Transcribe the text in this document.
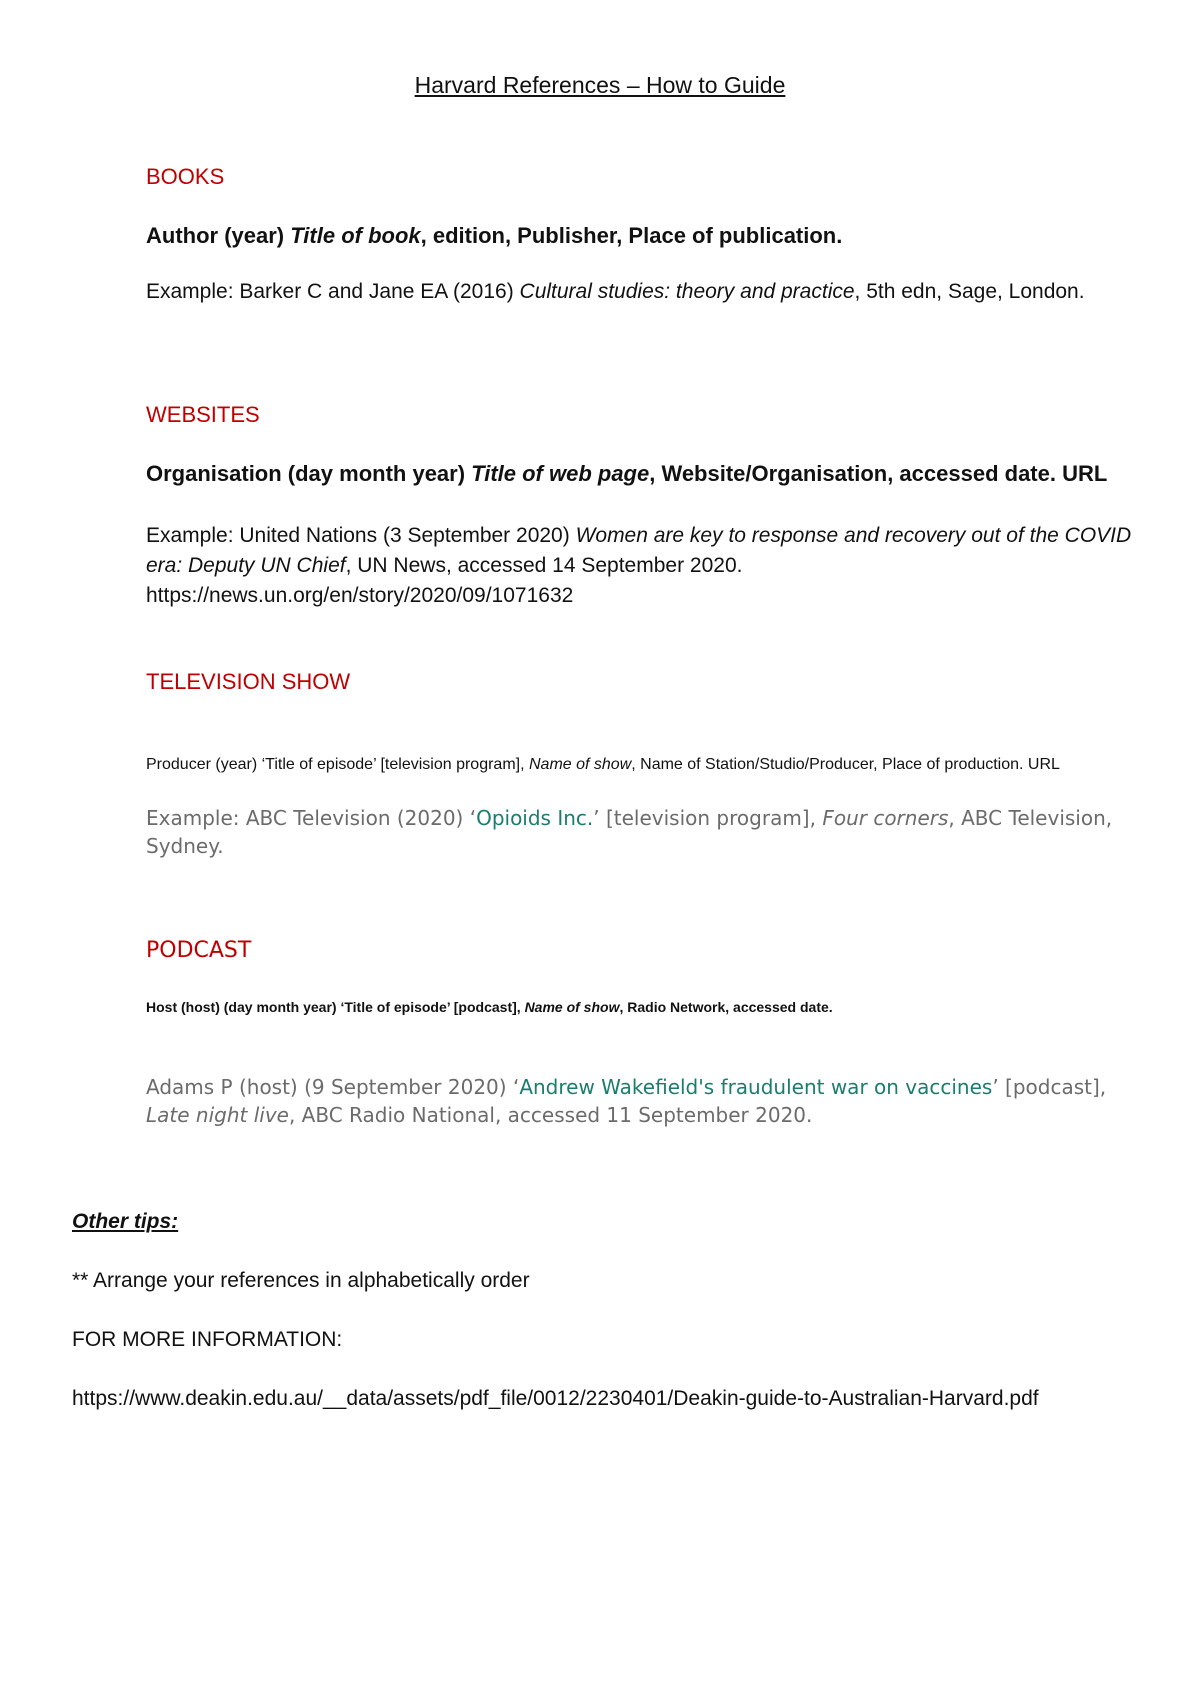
Harvard References – How to Guide
BOOKS
Author (year) Title of book, edition, Publisher, Place of publication.
Example: Barker C and Jane EA (2016) Cultural studies: theory and practice, 5th edn, Sage, London.
WEBSITES
Organisation (day month year) Title of web page, Website/Organisation, accessed date. URL
Example: United Nations (3 September 2020) Women are key to response and recovery out of the COVID era: Deputy UN Chief, UN News, accessed 14 September 2020.
https://news.un.org/en/story/2020/09/1071632
TELEVISION SHOW
Producer (year) ‘Title of episode’ [television program], Name of show, Name of Station/Studio/Producer, Place of production. URL
Example: ABC Television (2020) ‘Opioids Inc.’ [television program], Four corners, ABC Television, Sydney.
PODCAST
Host (host) (day month year) ‘Title of episode’ [podcast], Name of show, Radio Network, accessed date.
Adams P (host) (9 September 2020) ‘Andrew Wakefield's fraudulent war on vaccines’ [podcast], Late night live, ABC Radio National, accessed 11 September 2020.
Other tips:
** Arrange your references in alphabetically order
FOR MORE INFORMATION:
https://www.deakin.edu.au/__data/assets/pdf_file/0012/2230401/Deakin-guide-to-Australian-Harvard.pdf
